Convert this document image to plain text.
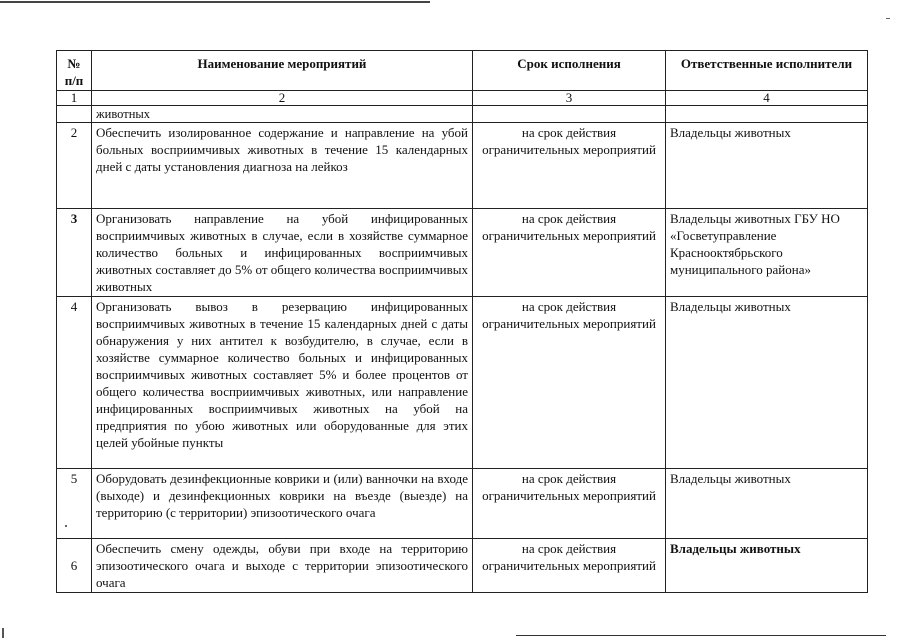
№ п/п	Наименование мероприятий	Срок исполнения	Ответственные исполнители
1	2	3	4
	животных		
2	Обеспечить изолированное содержание и направление на убой больных восприимчивых животных в течение 15 календарных дней с даты установления диагноза на лейкоз	на срок действия ограничительных мероприятий	Владельцы животных
3	Организовать направление на убой инфицированных восприимчивых животных в случае, если в хозяйстве суммарное количество больных и инфицированных восприимчивых животных составляет до 5% от общего количества восприимчивых животных	на срок действия ограничительных мероприятий	Владельцы животных ГБУ НО «Госветуправление Краснооктябрьского муниципального района»
4	Организовать вывоз в резервацию инфицированных восприимчивых животных в течение 15 календарных дней с даты обнаружения у них антител к возбудителю, в случае, если в хозяйстве суммарное количество больных и инфицированных восприимчивых животных составляет 5% и более процентов от общего количества восприимчивых животных, или направление инфицированных восприимчивых животных на убой на предприятия по убою животных или оборудованные для этих целей убойные пункты	на срок действия ограничительных мероприятий	Владельцы животных
5	Оборудовать дезинфекционные коврики и (или) ванночки на входе (выходе) и дезинфекционных коврики на въезде (выезде) на территорию (с территории) эпизоотического очага	на срок действия ограничительных мероприятий	Владельцы животных
6	Обеспечить смену одежды, обуви при входе на территорию эпизоотического очага и выходе с территории эпизоотического очага	на срок действия ограничительных мероприятий	Владельцы животных
